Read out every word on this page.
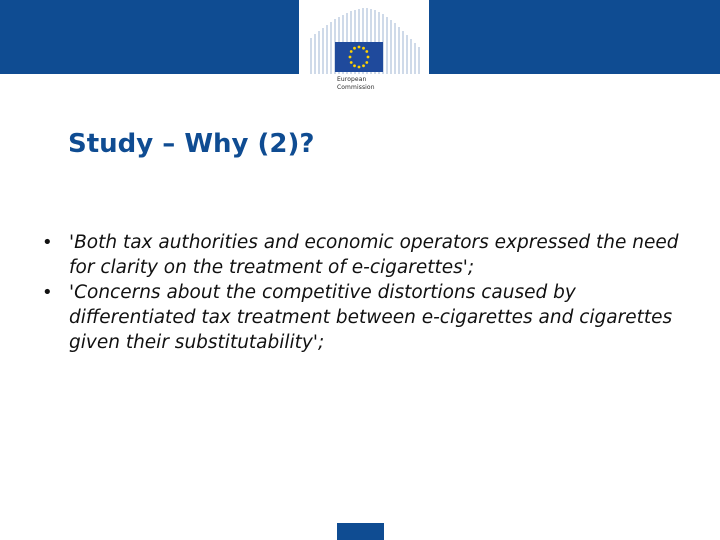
European
Commission
Study – Why (2)?
• 'Both tax authorities and economic operators expressed the need for clarity on the treatment of e-cigarettes';
• 'Concerns about the competitive distortions caused by differentiated tax treatment between e-cigarettes and cigarettes given their substitutability';
